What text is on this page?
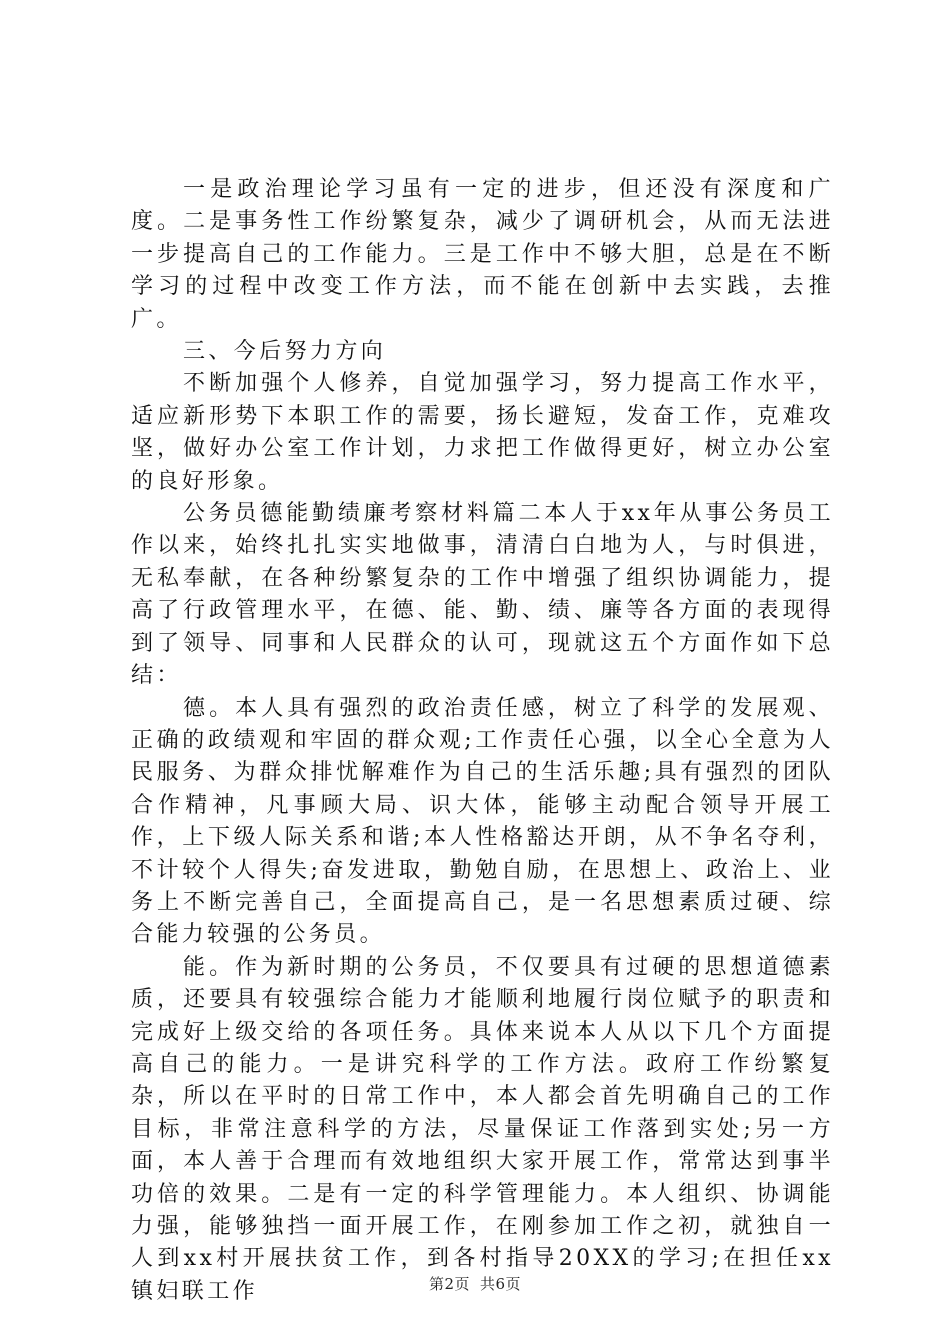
一是政治理论学习虽有一定的进步，但还没有深度和广度。二是事务性工作纷繁复杂，减少了调研机会，从而无法进一步提高自己的工作能力。三是工作中不够大胆，总是在不断学习的过程中改变工作方法，而不能在创新中去实践，去推广。

三、今后努力方向

不断加强个人修养，自觉加强学习，努力提高工作水平，适应新形势下本职工作的需要，扬长避短，发奋工作，克难攻坚，做好办公室工作计划，力求把工作做得更好，树立办公室的良好形象。

公务员德能勤绩廉考察材料篇二本人于xx年从事公务员工作以来，始终扎扎实实地做事，清清白白地为人，与时俱进，无私奉献，在各种纷繁复杂的工作中增强了组织协调能力，提高了行政管理水平，在德、能、勤、绩、廉等各方面的表现得到了领导、同事和人民群众的认可，现就这五个方面作如下总结：

德。本人具有强烈的政治责任感，树立了科学的发展观、正确的政绩观和牢固的群众观;工作责任心强，以全心全意为人民服务、为群众排忧解难作为自己的生活乐趣;具有强烈的团队合作精神，凡事顾大局、识大体，能够主动配合领导开展工作，上下级人际关系和谐;本人性格豁达开朗，从不争名夺利，不计较个人得失;奋发进取，勤勉自励，在思想上、政治上、业务上不断完善自己，全面提高自己，是一名思想素质过硬、综合能力较强的公务员。

能。作为新时期的公务员，不仅要具有过硬的思想道德素质，还要具有较强综合能力才能顺利地履行岗位赋予的职责和完成好上级交给的各项任务。具体来说本人从以下几个方面提高自己的能力。一是讲究科学的工作方法。政府工作纷繁复杂，所以在平时的日常工作中，本人都会首先明确自己的工作目标，非常注意科学的方法，尽量保证工作落到实处;另一方面，本人善于合理而有效地组织大家开展工作，常常达到事半功倍的效果。二是有一定的科学管理能力。本人组织、协调能力强，能够独挡一面开展工作，在刚参加工作之初，就独自一人到xx村开展扶贫工作，到各村指导20XX的学习;在担任xx镇妇联工作	第2页 共6页
